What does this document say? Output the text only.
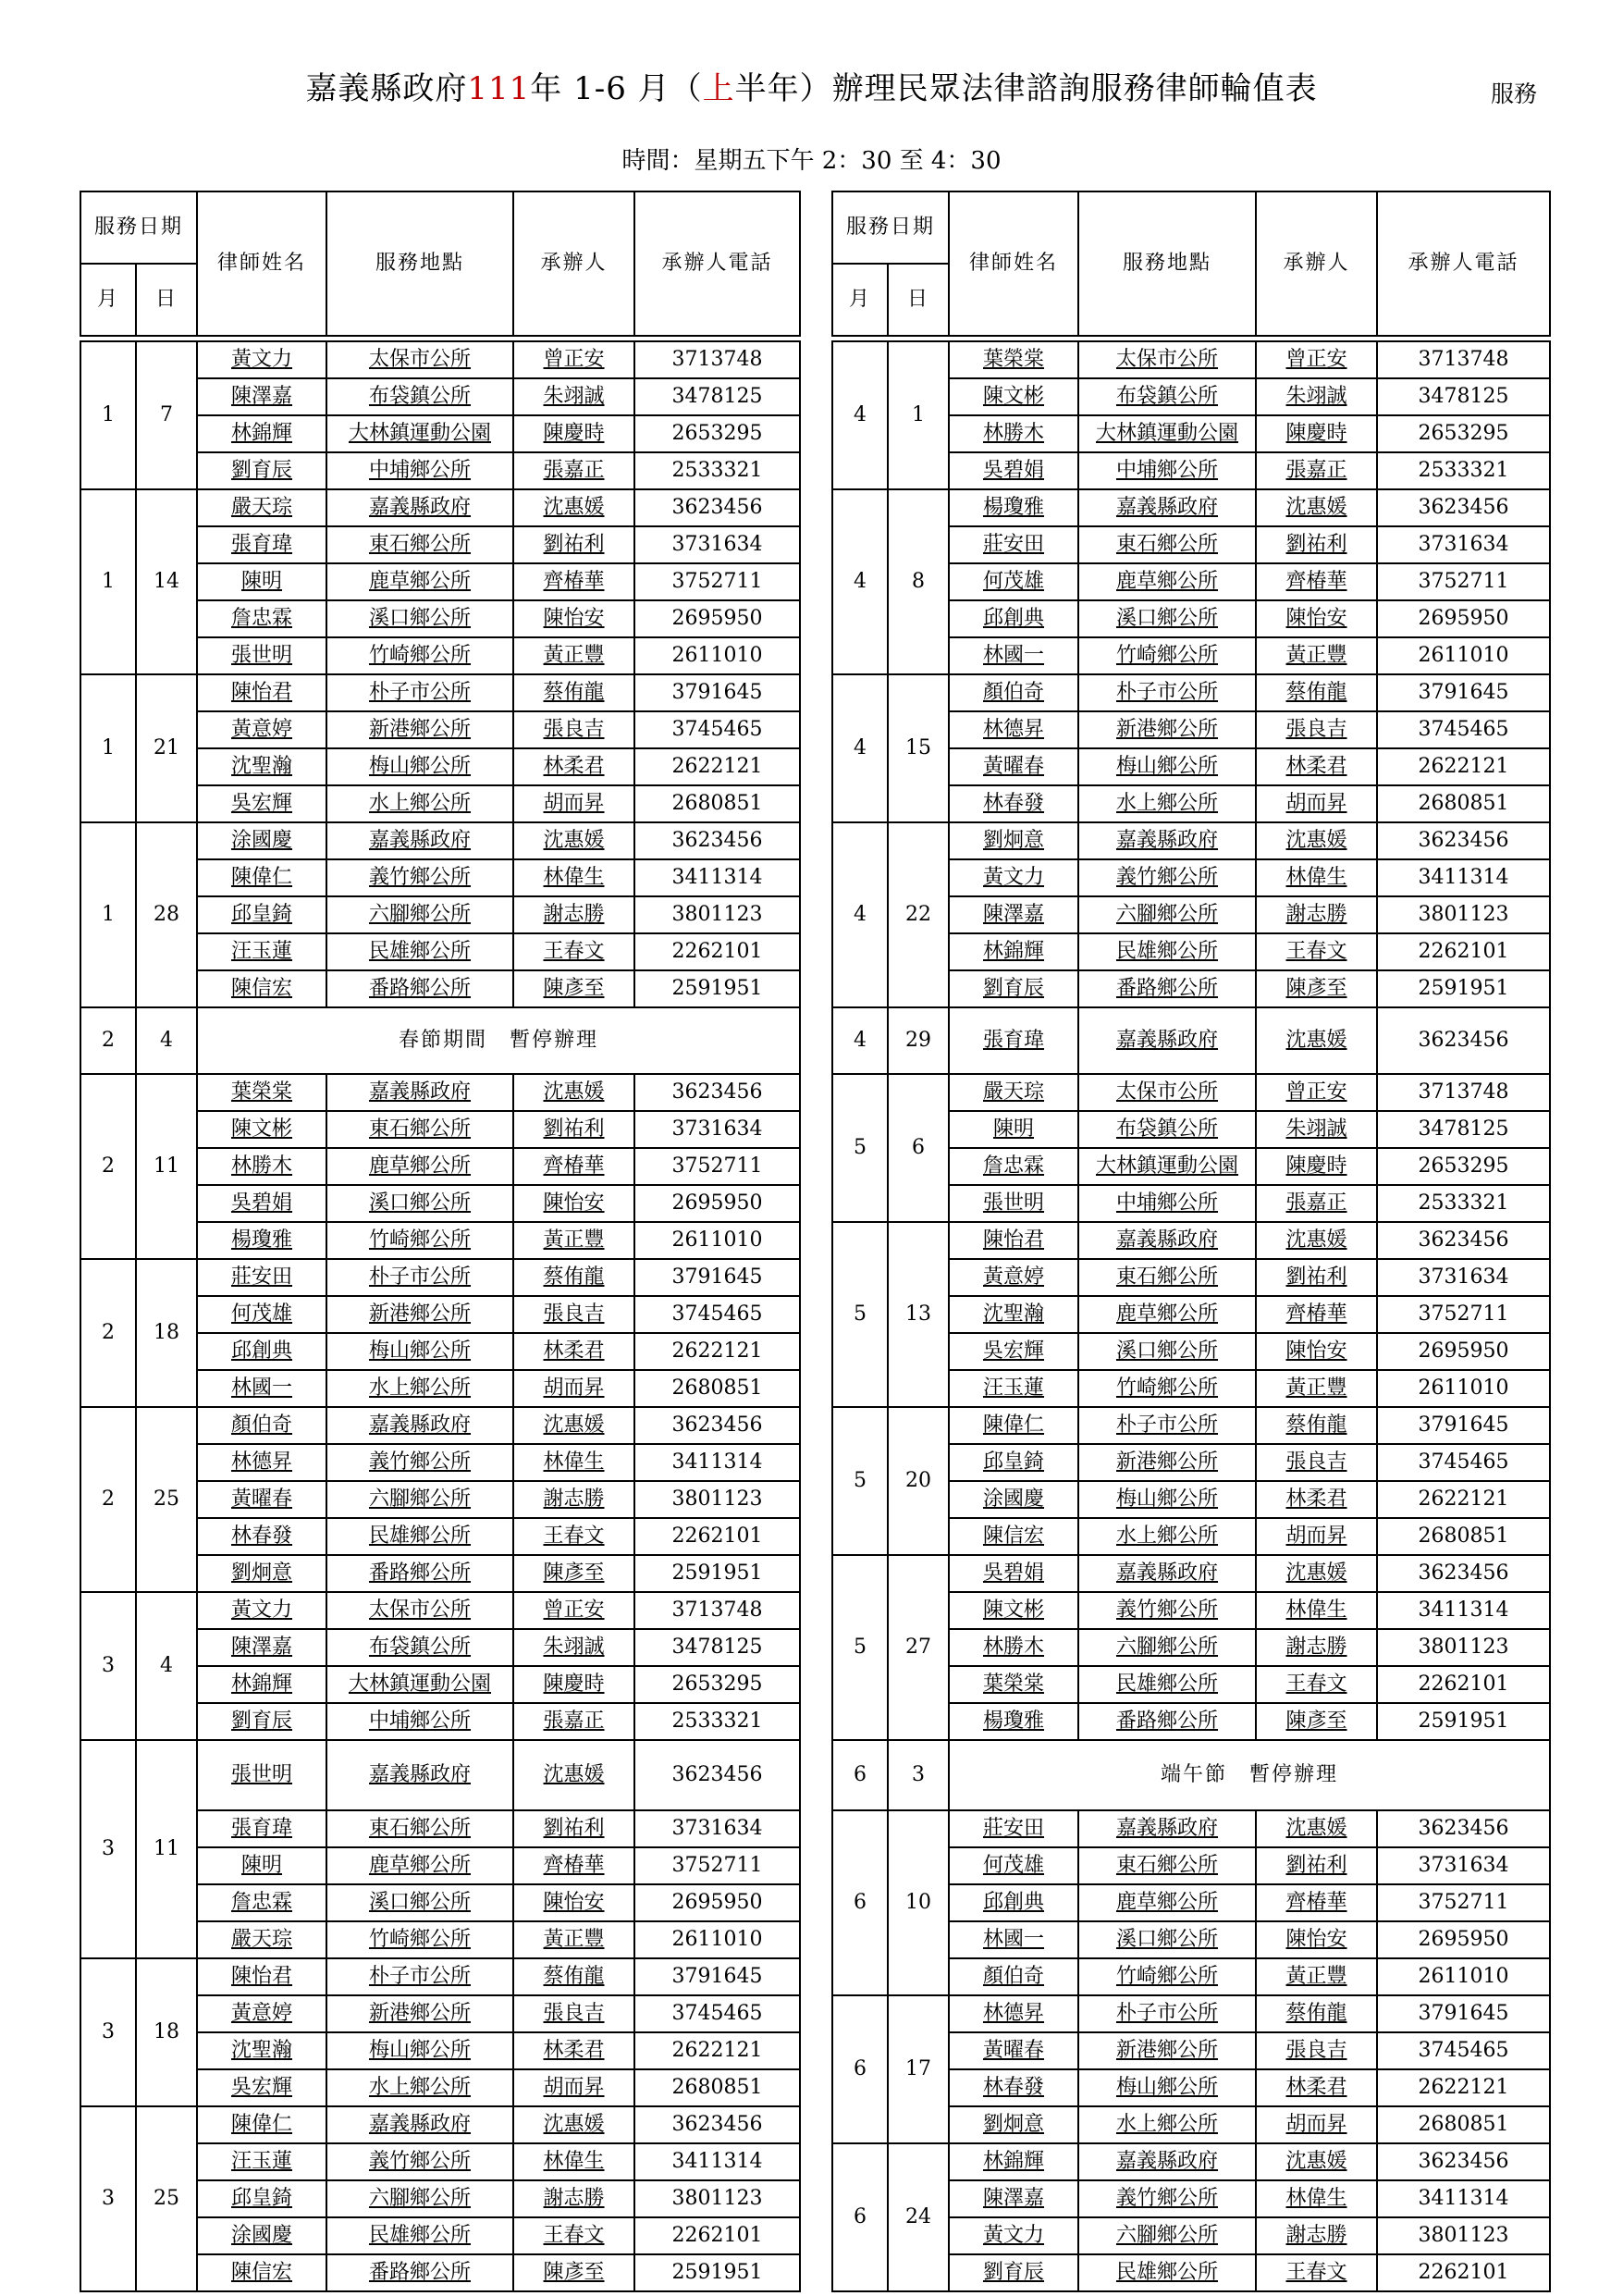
嘉義縣政府111年 1-6 月（上半年）辦理民眾法律諮詢服務律師輪值表	服務
時間：星期五下午 2：30 至 4：30
服務日期		律師姓名	服務地點	承辦人	承辦人電話
月	日				

1	7	黃文力	太保市公所	曾正安	3713748
		陳澤嘉	布袋鎮公所	朱翊誠	3478125
		林錦輝	大林鎮運動公園	陳慶時	2653295
		劉育辰	中埔鄉公所	張嘉正	2533321
1	14	嚴天琮	嘉義縣政府	沈惠媛	3623456
		張育瑋	東石鄉公所	劉祐利	3731634
		陳明	鹿草鄉公所	齊椿華	3752711
		詹忠霖	溪口鄉公所	陳怡安	2695950
		張世明	竹崎鄉公所	黃正豐	2611010
1	21	陳怡君	朴子市公所	蔡侑龍	3791645
		黃意婷	新港鄉公所	張良吉	3745465
		沈聖瀚	梅山鄉公所	林柔君	2622121
		吳宏輝	水上鄉公所	胡而昇	2680851
1	28	涂國慶	嘉義縣政府	沈惠媛	3623456
		陳偉仁	義竹鄉公所	林偉生	3411314
		邱皇錡	六腳鄉公所	謝志勝	3801123
		汪玉蓮	民雄鄉公所	王春文	2262101
		陳信宏	番路鄉公所	陳彥至	2591951
2	4	春節期間　暫停辦理			
2	11	葉榮棠	嘉義縣政府	沈惠媛	3623456
		陳文彬	東石鄉公所	劉祐利	3731634
		林勝木	鹿草鄉公所	齊椿華	3752711
		吳碧娟	溪口鄉公所	陳怡安	2695950
		楊瓊雅	竹崎鄉公所	黃正豐	2611010
2	18	莊安田	朴子市公所	蔡侑龍	3791645
		何茂雄	新港鄉公所	張良吉	3745465
		邱創典	梅山鄉公所	林柔君	2622121
		林國一	水上鄉公所	胡而昇	2680851
2	25	顏伯奇	嘉義縣政府	沈惠媛	3623456
		林德昇	義竹鄉公所	林偉生	3411314
		黃曜春	六腳鄉公所	謝志勝	3801123
		林春發	民雄鄉公所	王春文	2262101
		劉炯意	番路鄉公所	陳彥至	2591951
3	4	黃文力	太保市公所	曾正安	3713748
		陳澤嘉	布袋鎮公所	朱翊誠	3478125
		林錦輝	大林鎮運動公園	陳慶時	2653295
		劉育辰	中埔鄉公所	張嘉正	2533321
3	11	張世明	嘉義縣政府	沈惠媛	3623456
		張育瑋	東石鄉公所	劉祐利	3731634
		陳明	鹿草鄉公所	齊椿華	3752711
		詹忠霖	溪口鄉公所	陳怡安	2695950
		嚴天琮	竹崎鄉公所	黃正豐	2611010
3	18	陳怡君	朴子市公所	蔡侑龍	3791645
		黃意婷	新港鄉公所	張良吉	3745465
		沈聖瀚	梅山鄉公所	林柔君	2622121
		吳宏輝	水上鄉公所	胡而昇	2680851
3	25	陳偉仁	嘉義縣政府	沈惠媛	3623456
		汪玉蓮	義竹鄉公所	林偉生	3411314
		邱皇錡	六腳鄉公所	謝志勝	3801123
		涂國慶	民雄鄉公所	王春文	2262101
		陳信宏	番路鄉公所	陳彥至	2591951
服務日期		律師姓名	服務地點	承辦人	承辦人電話
月	日				

4	1	葉榮棠	太保市公所	曾正安	3713748
		陳文彬	布袋鎮公所	朱翊誠	3478125
		林勝木	大林鎮運動公園	陳慶時	2653295
		吳碧娟	中埔鄉公所	張嘉正	2533321
4	8	楊瓊雅	嘉義縣政府	沈惠媛	3623456
		莊安田	東石鄉公所	劉祐利	3731634
		何茂雄	鹿草鄉公所	齊椿華	3752711
		邱創典	溪口鄉公所	陳怡安	2695950
		林國一	竹崎鄉公所	黃正豐	2611010
4	15	顏伯奇	朴子市公所	蔡侑龍	3791645
		林德昇	新港鄉公所	張良吉	3745465
		黃曜春	梅山鄉公所	林柔君	2622121
		林春發	水上鄉公所	胡而昇	2680851
4	22	劉炯意	嘉義縣政府	沈惠媛	3623456
		黃文力	義竹鄉公所	林偉生	3411314
		陳澤嘉	六腳鄉公所	謝志勝	3801123
		林錦輝	民雄鄉公所	王春文	2262101
		劉育辰	番路鄉公所	陳彥至	2591951
4	29	張育瑋	嘉義縣政府	沈惠媛	3623456
5	6	嚴天琮	太保市公所	曾正安	3713748
		陳明	布袋鎮公所	朱翊誠	3478125
		詹忠霖	大林鎮運動公園	陳慶時	2653295
		張世明	中埔鄉公所	張嘉正	2533321
5	13	陳怡君	嘉義縣政府	沈惠媛	3623456
		黃意婷	東石鄉公所	劉祐利	3731634
		沈聖瀚	鹿草鄉公所	齊椿華	3752711
		吳宏輝	溪口鄉公所	陳怡安	2695950
		汪玉蓮	竹崎鄉公所	黃正豐	2611010
5	20	陳偉仁	朴子市公所	蔡侑龍	3791645
		邱皇錡	新港鄉公所	張良吉	3745465
		涂國慶	梅山鄉公所	林柔君	2622121
		陳信宏	水上鄉公所	胡而昇	2680851
5	27	吳碧娟	嘉義縣政府	沈惠媛	3623456
		陳文彬	義竹鄉公所	林偉生	3411314
		林勝木	六腳鄉公所	謝志勝	3801123
		葉榮棠	民雄鄉公所	王春文	2262101
		楊瓊雅	番路鄉公所	陳彥至	2591951
6	3	端午節　暫停辦理			
6	10	莊安田	嘉義縣政府	沈惠媛	3623456
		何茂雄	東石鄉公所	劉祐利	3731634
		邱創典	鹿草鄉公所	齊椿華	3752711
		林國一	溪口鄉公所	陳怡安	2695950
		顏伯奇	竹崎鄉公所	黃正豐	2611010
6	17	林德昇	朴子市公所	蔡侑龍	3791645
		黃曜春	新港鄉公所	張良吉	3745465
		林春發	梅山鄉公所	林柔君	2622121
		劉炯意	水上鄉公所	胡而昇	2680851
6	24	林錦輝	嘉義縣政府	沈惠媛	3623456
		陳澤嘉	義竹鄉公所	林偉生	3411314
		黃文力	六腳鄉公所	謝志勝	3801123
		劉育辰	民雄鄉公所	王春文	2262101
